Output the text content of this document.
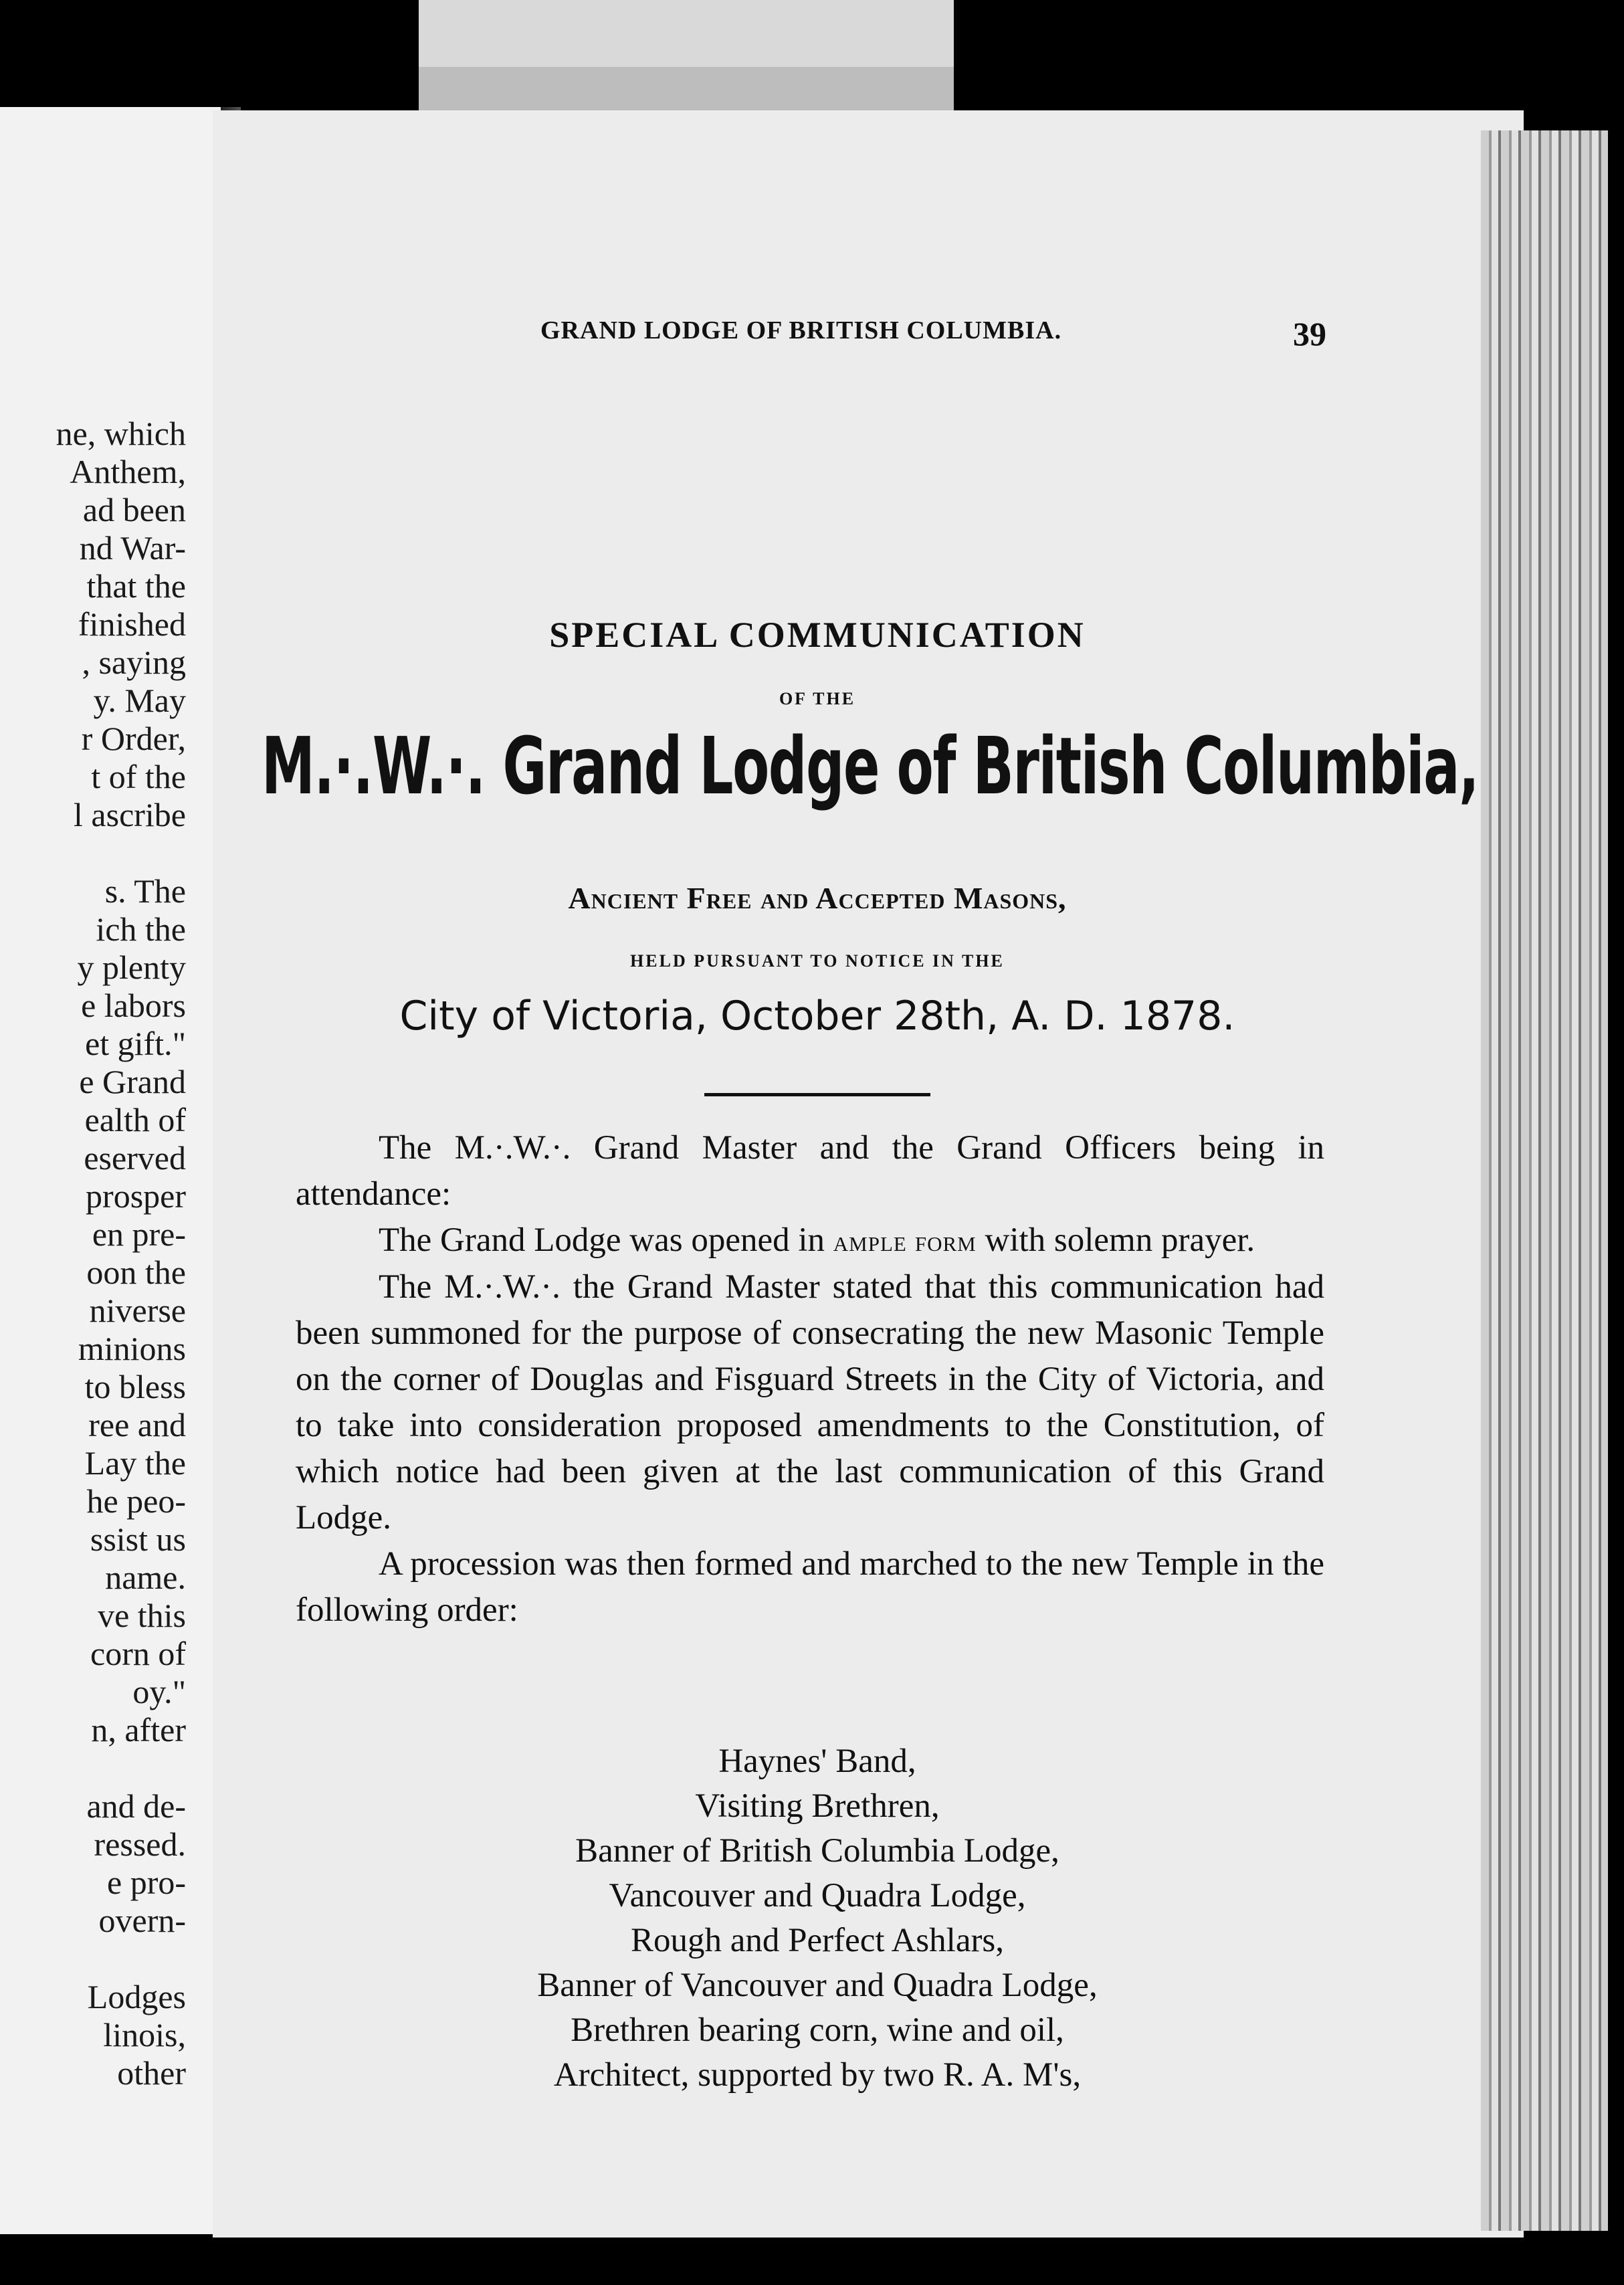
ne, which
Anthem,
ad been
nd War-
that the
finished
, saying
y. May
r Order,
t of the
l ascribe
s. The
ich the
y plenty
e labors
et gift."
e Grand
ealth of
eserved
prosper
en pre-
oon the
niverse
minions
to bless
ree and
Lay the
he peo-
ssist us
name.
ve this
corn of
oy."
n, after
and de-
ressed.
e pro-
overn-
Lodges
linois,
other
GRAND LODGE OF BRITISH COLUMBIA.	39
SPECIAL COMMUNICATION
OF THE
M.·.W.·. Grand Lodge of British Columbia,
Ancient Free and Accepted Masons,
HELD PURSUANT TO NOTICE IN THE
City of Victoria, October 28th, A. D. 1878.

The M.·.W.·. Grand Master and the Grand Officers being in attendance:

The Grand Lodge was opened in ample form with solemn prayer.

The M.·.W.·. the Grand Master stated that this communication had been summoned for the purpose of consecrating the new Masonic Temple on the corner of Douglas and Fisguard Streets in the City of Victoria, and to take into consideration proposed amendments to the Constitution, of which notice had been given at the last communication of this Grand Lodge.

A procession was then formed and marched to the new Temple in the following order:

Haynes' Band,
Visiting Brethren,
Banner of British Columbia Lodge,
Vancouver and Quadra Lodge,
Rough and Perfect Ashlars,
Banner of Vancouver and Quadra Lodge,
Brethren bearing corn, wine and oil,
Architect, supported by two R. A. M's,
